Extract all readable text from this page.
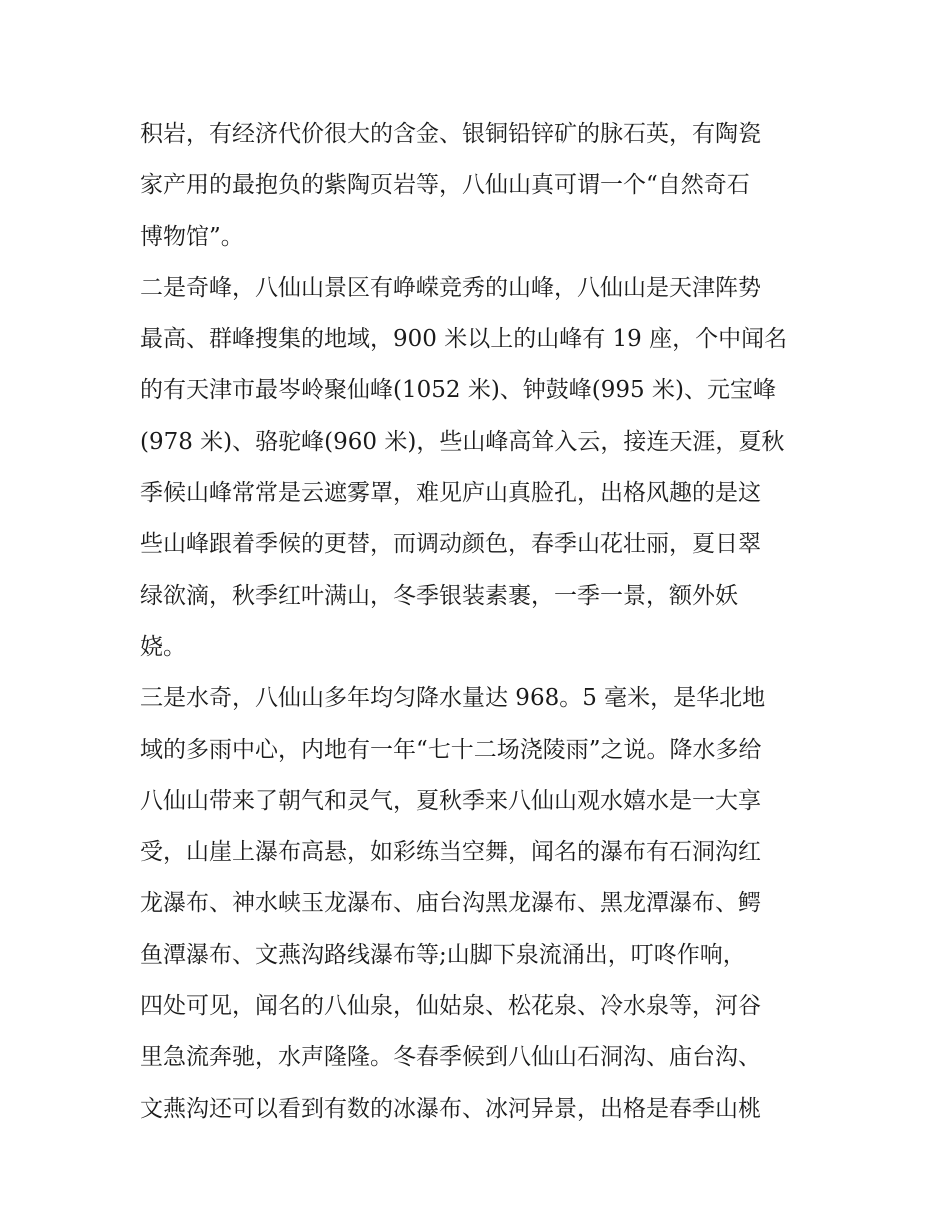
积岩，有经济代价很大的含金、银铜铅锌矿的脉石英，有陶瓷
家产用的最抱负的紫陶页岩等，八仙山真可谓一个“自然奇石
博物馆”。
二是奇峰，八仙山景区有峥嵘竞秀的山峰，八仙山是天津阵势
最高、群峰搜集的地域，900 米以上的山峰有 19 座，个中闻名
的有天津市最岑岭聚仙峰(1052 米)、钟鼓峰(995 米)、元宝峰
(978 米)、骆驼峰(960 米)，些山峰高耸入云，接连天涯，夏秋
季候山峰常常是云遮雾罩，难见庐山真脸孔，出格风趣的是这
些山峰跟着季候的更替，而调动颜色，春季山花壮丽，夏日翠
绿欲滴，秋季红叶满山，冬季银装素裹，一季一景，额外妖
娆。
三是水奇，八仙山多年均匀降水量达 968。5 毫米，是华北地
域的多雨中心，内地有一年“七十二场浇陵雨”之说。降水多给
八仙山带来了朝气和灵气，夏秋季来八仙山观水嬉水是一大享
受，山崖上瀑布高悬，如彩练当空舞，闻名的瀑布有石洞沟红
龙瀑布、神水峡玉龙瀑布、庙台沟黑龙瀑布、黑龙潭瀑布、鳄
鱼潭瀑布、文燕沟路线瀑布等;山脚下泉流涌出，叮咚作响，
四处可见，闻名的八仙泉，仙姑泉、松花泉、冷水泉等，河谷
里急流奔驰，水声隆隆。冬春季候到八仙山石洞沟、庙台沟、
文燕沟还可以看到有数的冰瀑布、冰河异景，出格是春季山桃
